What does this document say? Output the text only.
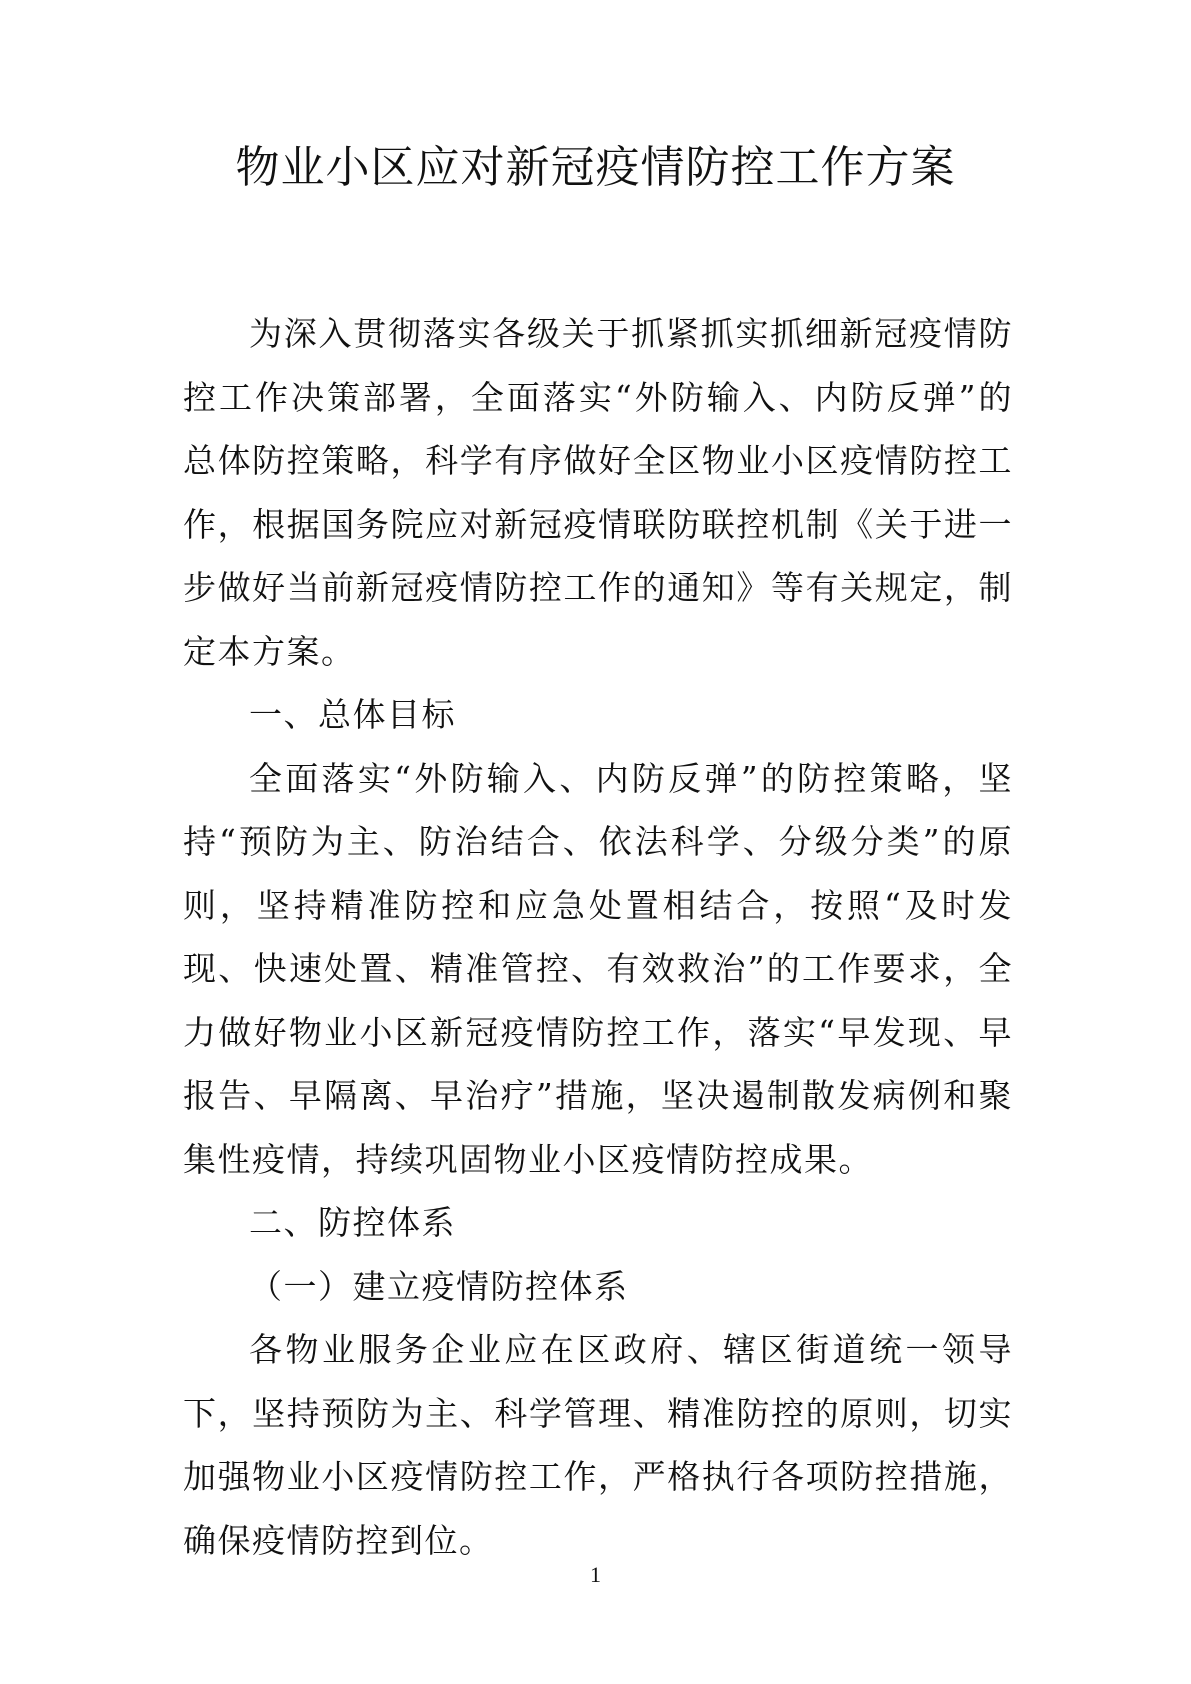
物业小区应对新冠疫情防控工作方案

为深入贯彻落实各级关于抓紧抓实抓细新冠疫情防控工作决策部署，全面落实“外防输入、内防反弹”的总体防控策略，科学有序做好全区物业小区疫情防控工作，根据国务院应对新冠疫情联防联控机制《关于进一步做好当前新冠疫情防控工作的通知》等有关规定，制定本方案。

一、总体目标

全面落实“外防输入、内防反弹”的防控策略，坚持“预防为主、防治结合、依法科学、分级分类”的原则，坚持精准防控和应急处置相结合，按照“及时发现、快速处置、精准管控、有效救治”的工作要求，全力做好物业小区新冠疫情防控工作，落实“早发现、早报告、早隔离、早治疗”措施，坚决遏制散发病例和聚集性疫情，持续巩固物业小区疫情防控成果。

二、防控体系

（一）建立疫情防控体系

各物业服务企业应在区政府、辖区街道统一领导下，坚持预防为主、科学管理、精准防控的原则，切实加强物业小区疫情防控工作，严格执行各项防控措施，确保疫情防控到位。

1
